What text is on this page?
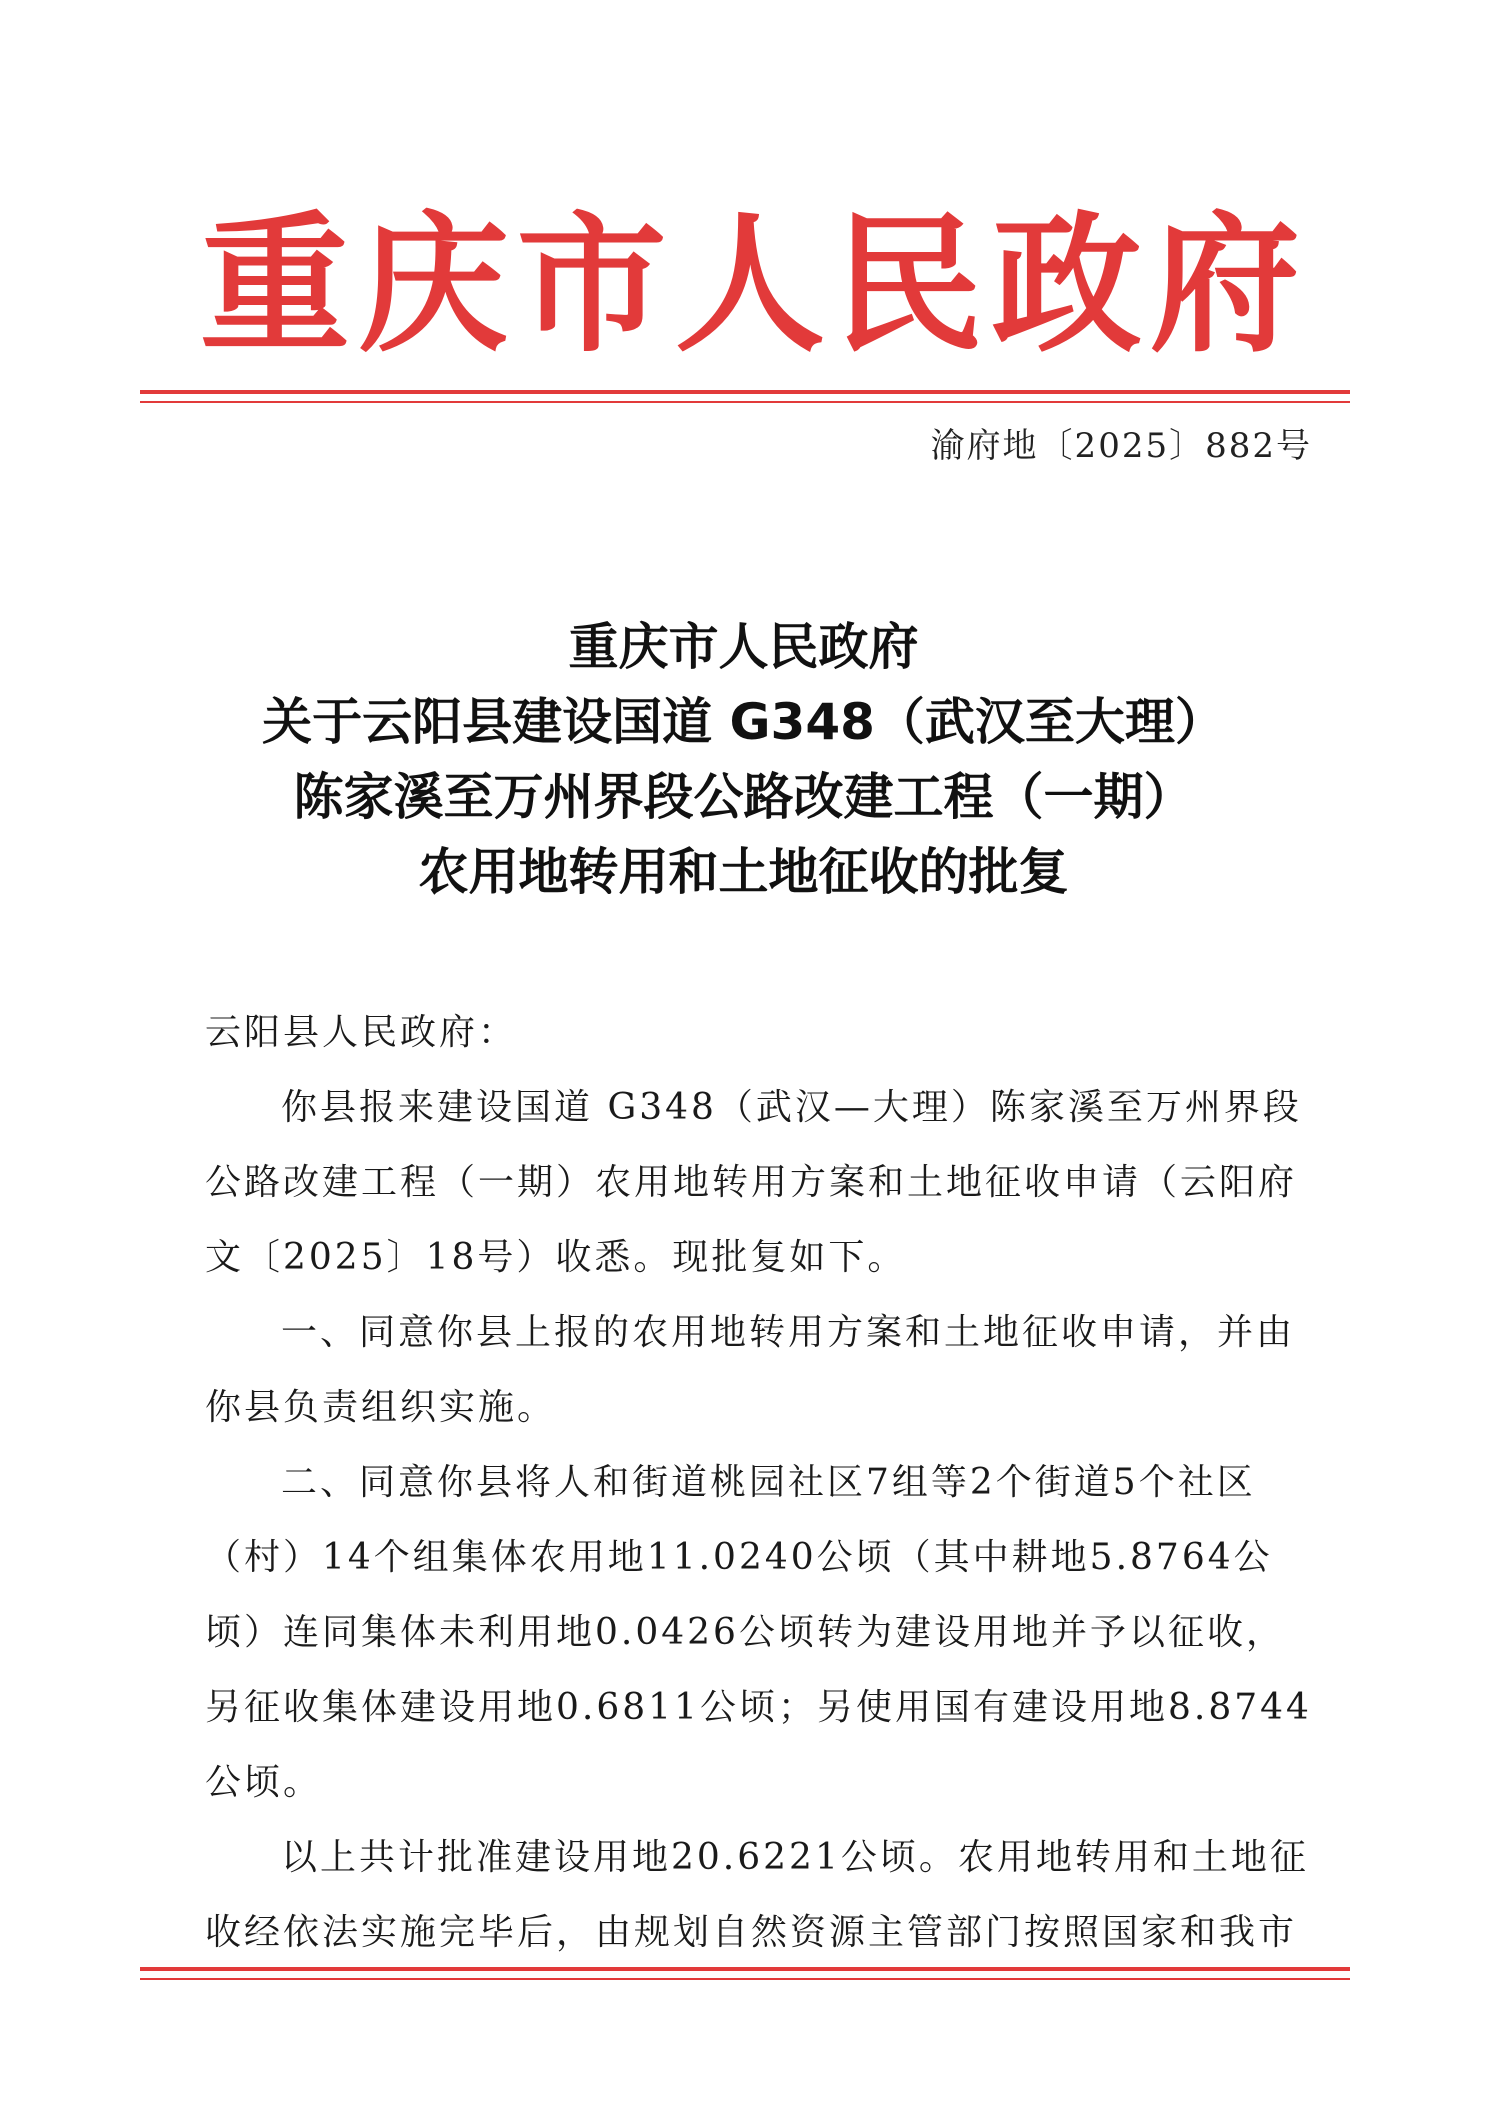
重 庆 市 人 民 政 府
渝府地〔2025〕882号
重庆市人民政府
关于云阳县建设国道 G348（武汉至大理）
陈家溪至万州界段公路改建工程（一期）
农用地转用和土地征收的批复

云阳县人民政府：

你县报来建设国道 G348（武汉—大理）陈家溪至万州界段公路改建工程（一期）农用地转用方案和土地征收申请（云阳府文〔2025〕18号）收悉。现批复如下。

一、同意你县上报的农用地转用方案和土地征收申请，并由你县负责组织实施。

二、同意你县将人和街道桃园社区7组等2个街道5个社区（村）14个组集体农用地11.0240公顷（其中耕地5.8764公顷）连同集体未利用地0.0426公顷转为建设用地并予以征收，另征收集体建设用地0.6811公顷；另使用国有建设用地8.8744公顷。

以上共计批准建设用地20.6221公顷。农用地转用和土地征收经依法实施完毕后，由规划自然资源主管部门按照国家和我市
